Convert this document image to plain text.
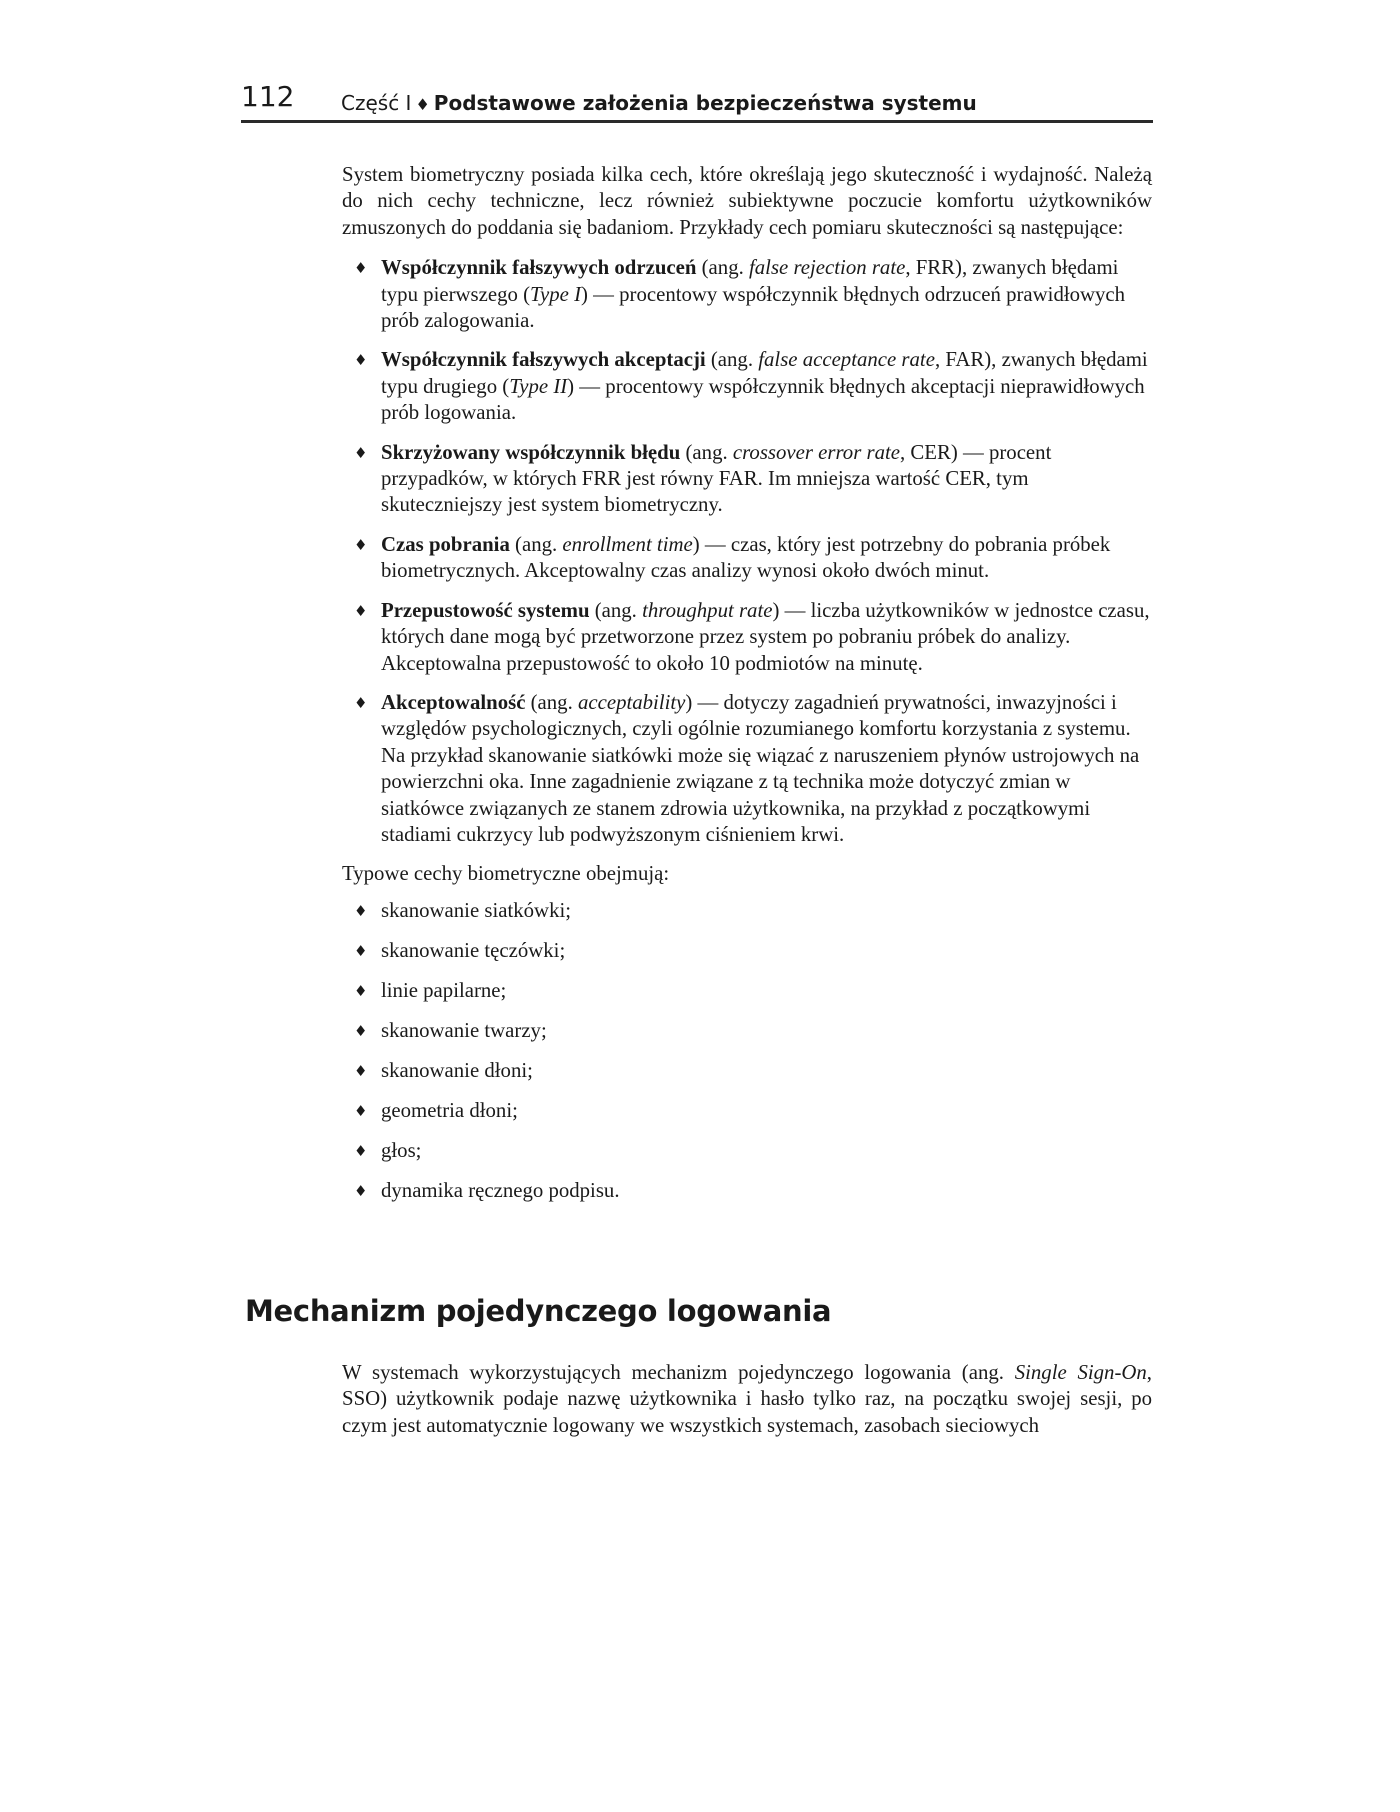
112 Część I ♦ Podstawowe założenia bezpieczeństwa systemu

System biometryczny posiada kilka cech, które określają jego skuteczność i wydajność. Należą do nich cechy techniczne, lecz również subiektywne poczucie komfortu użytkowników zmuszonych do poddania się badaniom. Przykłady cech pomiaru skuteczności są następujące:

♦ Współczynnik fałszywych odrzuceń (ang. false rejection rate, FRR), zwanych błędami typu pierwszego (Type I) — procentowy współczynnik błędnych odrzuceń prawidłowych prób zalogowania.
♦ Współczynnik fałszywych akceptacji (ang. false acceptance rate, FAR), zwanych błędami typu drugiego (Type II) — procentowy współczynnik błędnych akceptacji nieprawidłowych prób logowania.
♦ Skrzyżowany współczynnik błędu (ang. crossover error rate, CER) — procent przypadków, w których FRR jest równy FAR. Im mniejsza wartość CER, tym skuteczniejszy jest system biometryczny.
♦ Czas pobrania (ang. enrollment time) — czas, który jest potrzebny do pobrania próbek biometrycznych. Akceptowalny czas analizy wynosi około dwóch minut.
♦ Przepustowość systemu (ang. throughput rate) — liczba użytkowników w jednostce czasu, których dane mogą być przetworzone przez system po pobraniu próbek do analizy. Akceptowalna przepustowość to około 10 podmiotów na minutę.
♦ Akceptowalność (ang. acceptability) — dotyczy zagadnień prywatności, inwazyjności i względów psychologicznych, czyli ogólnie rozumianego komfortu korzystania z systemu. Na przykład skanowanie siatkówki może się wiązać z naruszeniem płynów ustrojowych na powierzchni oka. Inne zagadnienie związane z tą technika może dotyczyć zmian w siatkówce związanych ze stanem zdrowia użytkownika, na przykład z początkowymi stadiami cukrzycy lub podwyższonym ciśnieniem krwi.

Typowe cechy biometryczne obejmują:

♦ skanowanie siatkówki;
♦ skanowanie tęczówki;
♦ linie papilarne;
♦ skanowanie twarzy;
♦ skanowanie dłoni;
♦ geometria dłoni;
♦ głos;
♦ dynamika ręcznego podpisu.
Mechanizm pojedynczego logowania

W systemach wykorzystujących mechanizm pojedynczego logowania (ang. Single Sign-On, SSO) użytkownik podaje nazwę użytkownika i hasło tylko raz, na początku swojej sesji, po czym jest automatycznie logowany we wszystkich systemach, zasobach sieciowych
